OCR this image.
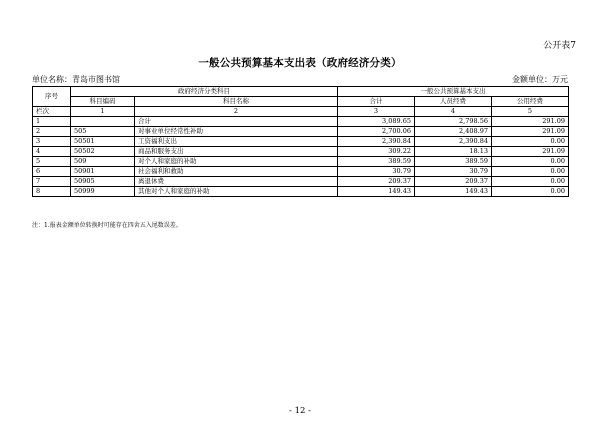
公开表7
一般公共预算基本支出表（政府经济分类）
单位名称：青岛市图书馆	金额单位：万元
序号	政府经济分类科目		一般公共预算基本支出		
	科目编码	科目名称	合计	人员经费	公用经费
栏次	1	2	3	4	5
1		合计	3,089.65	2,798.56	291.09
2	505	对事业单位经常性补助	2,700.06	2,408.97	291.09
3	50501	工资福利支出	2,390.84	2,390.84	0.00
4	50502	商品和服务支出	309.22	18.13	291.09
5	509	对个人和家庭的补助	389.59	389.59	0.00
6	50901	社会福利和救助	30.79	30.79	0.00
7	50905	离退休费	209.37	209.37	0.00
8	50999	其他对个人和家庭的补助	149.43	149.43	0.00
注：1.报表金额单位转换时可能存在四舍五入尾数误差。
- 12 -
